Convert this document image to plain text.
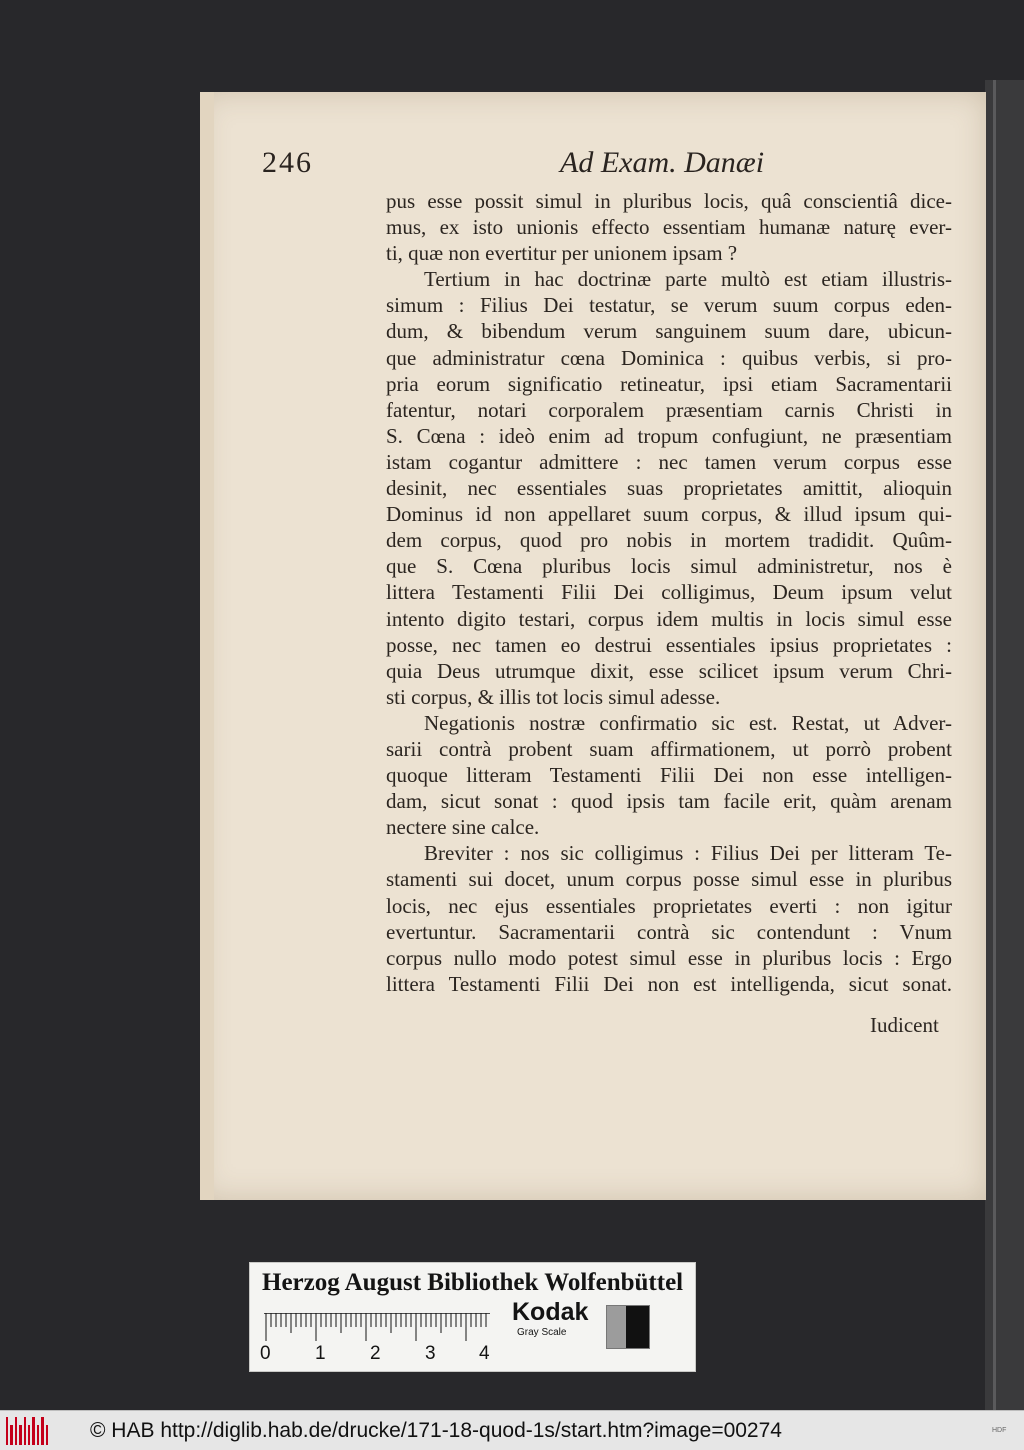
246	Ad Exam. Danæi
pus esse possit simul in pluribus locis, quâ conscientiâ dice-
mus, ex isto unionis effecto essentiam humanæ naturę ever-
ti, quæ non evertitur per unionem ipsam ?
Tertium in hac doctrinæ parte multò est etiam illustris-
simum : Filius Dei testatur, se verum suum corpus eden-
dum, & bibendum verum sanguinem suum dare, ubicun-
que administratur cœna Dominica : quibus verbis, si pro-
pria eorum significatio retineatur, ipsi etiam Sacramentarii
fatentur, notari corporalem præsentiam carnis Christi in
S. Cœna : ideò enim ad tropum confugiunt, ne præsentiam
istam cogantur admittere : nec tamen verum corpus esse
desinit, nec essentiales suas proprietates amittit, alioquin
Dominus id non appellaret suum corpus, & illud ipsum qui-
dem corpus, quod pro nobis in mortem tradidit. Quûm-
que S. Cœna pluribus locis simul administretur, nos è
littera Testamenti Filii Dei colligimus, Deum ipsum velut
intento digito testari, corpus idem multis in locis simul esse
posse, nec tamen eo destrui essentiales ipsius proprietates :
quia Deus utrumque dixit, esse scilicet ipsum verum Chri-
sti corpus, & illis tot locis simul adesse.
Negationis nostræ confirmatio sic est. Restat, ut Adver-
sarii contrà probent suam affirmationem, ut porrò probent
quoque litteram Testamenti Filii Dei non esse intelligen-
dam, sicut sonat : quod ipsis tam facile erit, quàm arenam
nectere sine calce.
Breviter : nos sic colligimus : Filius Dei per litteram Te-
stamenti sui docet, unum corpus posse simul esse in pluribus
locis, nec ejus essentiales proprietates everti : non igitur
evertuntur. Sacramentarii contrà sic contendunt : Vnum
corpus nullo modo potest simul esse in pluribus locis : Ergo
littera Testamenti Filii Dei non est intelligenda, sicut sonat.
Iudicent
Herzog August Bibliothek Wolfenbüttel
0 1 2 3 4
Kodak
Gray Scale
© HAB http://diglib.hab.de/drucke/171-18-quod-1s/start.htm?image=00274	HDF
